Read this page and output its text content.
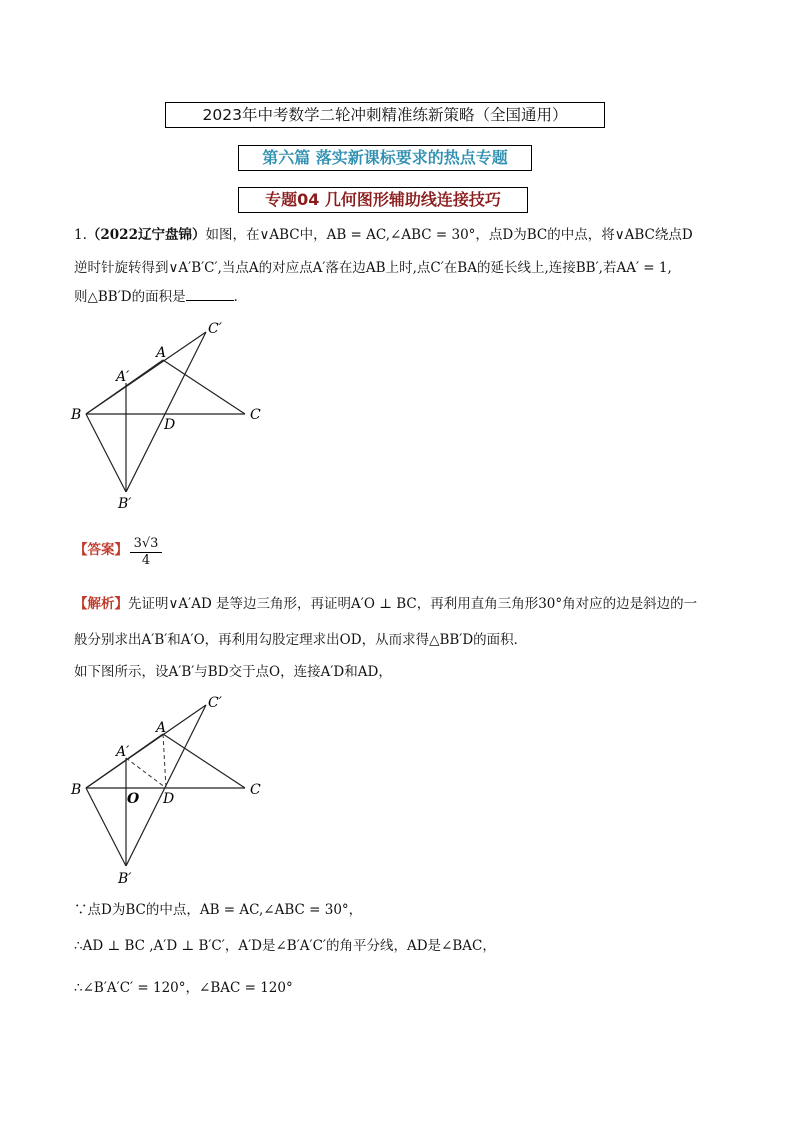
2023年中考数学二轮冲刺精准练新策略（全国通用）
第六篇 落实新课标要求的热点专题
专题04 几何图形辅助线连接技巧
1.（2022辽宁盘锦）如图，在∨ABC中，AB = AC,∠ABC = 30°，点D为BC的中点，将∨ABC绕点D
逆时针旋转得到∨A′B′C′,当点A的对应点A′落在边AB上时,点C′在BA的延长线上,连接BB′,若AA′ = 1,
则△BB′D的面积是	．
C′
A
A′
B
D
C
B′
【答案】 $\frac{3√3}{4}$
【解析】先证明∨A′AD 是等边三角形，再证明A′O ⊥ BC，再利用直角三角形30°角对应的边是斜边的一
般分别求出A′B′和A′O，再利用勾股定理求出OD，从而求得△BB′D的面积．
如下图所示，设A′B′与BD交于点O，连接A′D和AD，
C′
A
A′
B
O D
C
B′
∵点D为BC的中点，AB = AC,∠ABC = 30°，
∴AD ⊥ BC ,A′D ⊥ B′C′，A′D是∠B′A′C′的角平分线，AD是∠BAC，
∴∠B′A′C′ = 120°，∠BAC = 120°
